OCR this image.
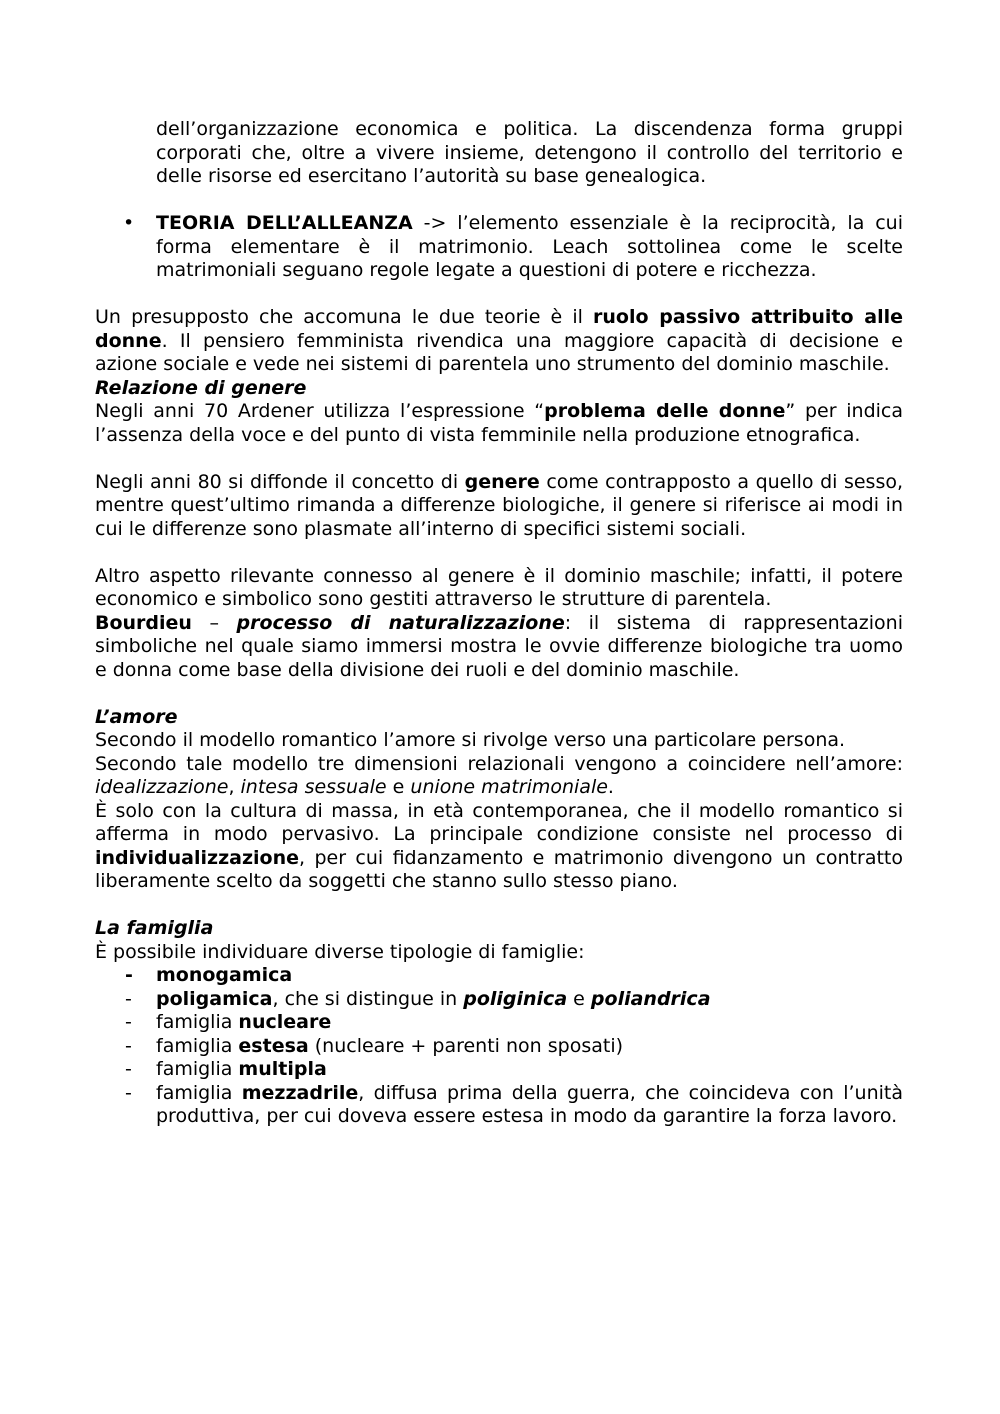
dell’organizzazione economica e politica. La discendenza forma gruppi corporati che, oltre a vivere insieme, detengono il controllo del territorio e delle risorse ed esercitano l’autorità su base genealogica.

• TEORIA DELL’ALLEANZA -> l’elemento essenziale è la reciprocità, la cui forma elementare è il matrimonio. Leach sottolinea come le scelte matrimoniali seguano regole legate a questioni di potere e ricchezza.

Un presupposto che accomuna le due teorie è il ruolo passivo attribuito alle donne. Il pensiero femminista rivendica una maggiore capacità di decisione e azione sociale e vede nei sistemi di parentela uno strumento del dominio maschile.

Relazione di genere

Negli anni 70 Ardener utilizza l’espressione “problema delle donne” per indica l’assenza della voce e del punto di vista femminile nella produzione etnografica.

Negli anni 80 si diffonde il concetto di genere come contrapposto a quello di sesso, mentre quest’ultimo rimanda a differenze biologiche, il genere si riferisce ai modi in cui le differenze sono plasmate all’interno di specifici sistemi sociali.

Altro aspetto rilevante connesso al genere è il dominio maschile; infatti, il potere economico e simbolico sono gestiti attraverso le strutture di parentela.

Bourdieu – processo di naturalizzazione: il sistema di rappresentazioni simboliche nel quale siamo immersi mostra le ovvie differenze biologiche tra uomo e donna come base della divisione dei ruoli e del dominio maschile.

L’amore

Secondo il modello romantico l’amore si rivolge verso una particolare persona.

Secondo tale modello tre dimensioni relazionali vengono a coincidere nell’amore: idealizzazione, intesa sessuale e unione matrimoniale.

È solo con la cultura di massa, in età contemporanea, che il modello romantico si afferma in modo pervasivo. La principale condizione consiste nel processo di individualizzazione, per cui fidanzamento e matrimonio divengono un contratto liberamente scelto da soggetti che stanno sullo stesso piano.

La famiglia

È possibile individuare diverse tipologie di famiglie:

- monogamica
- poligamica, che si distingue in poliginica e poliandrica
- famiglia nucleare
- famiglia estesa (nucleare + parenti non sposati)
- famiglia multipla
- famiglia mezzadrile, diffusa prima della guerra, che coincideva con l’unità produttiva, per cui doveva essere estesa in modo da garantire la forza lavoro.
